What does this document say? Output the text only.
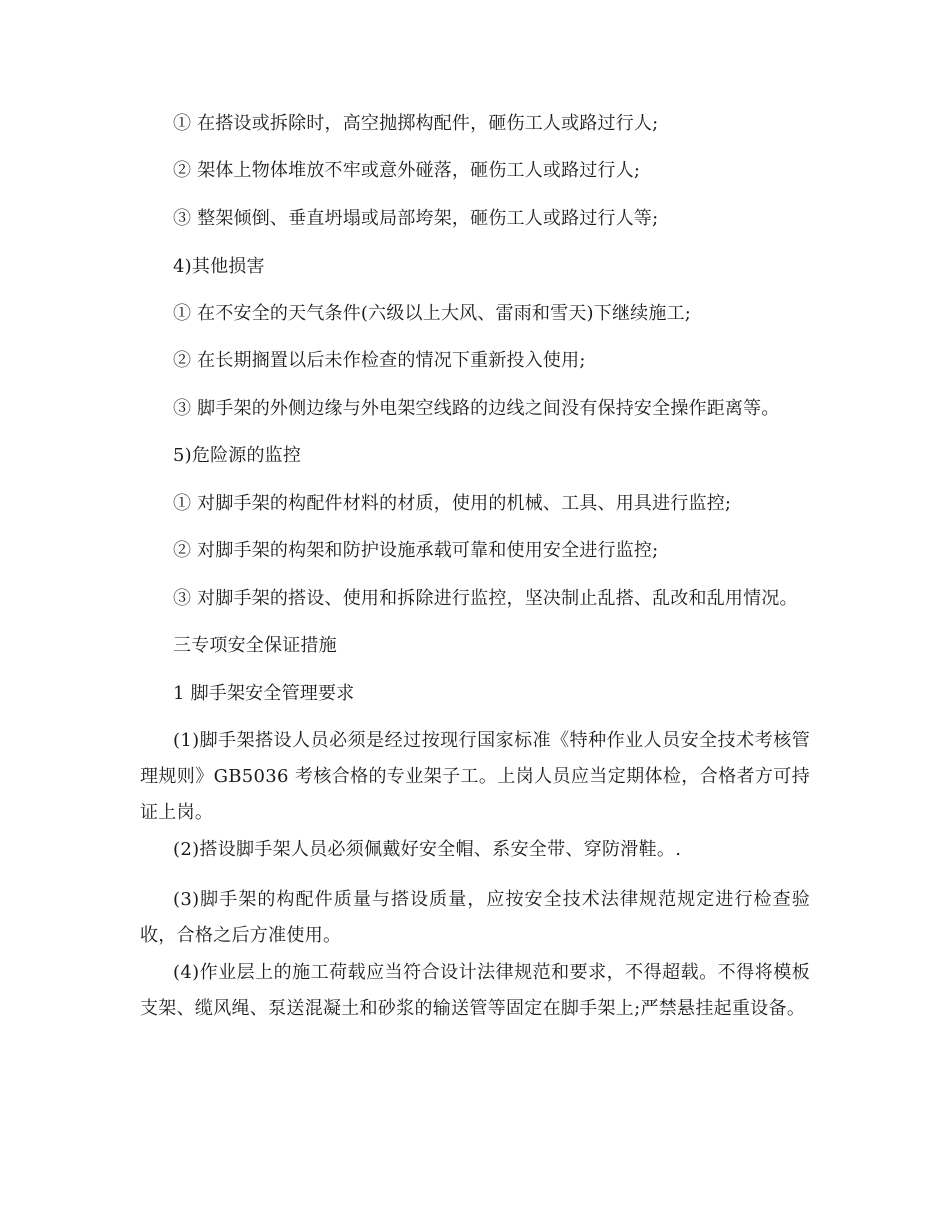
① 在搭设或拆除时，高空抛掷构配件，砸伤工人或路过行人;
② 架体上物体堆放不牢或意外碰落，砸伤工人或路过行人;
③ 整架倾倒、垂直坍塌或局部垮架，砸伤工人或路过行人等;
4)其他损害
① 在不安全的天气条件(六级以上大风、雷雨和雪天)下继续施工;
② 在长期搁置以后未作检查的情况下重新投入使用;
③ 脚手架的外侧边缘与外电架空线路的边线之间没有保持安全操作距离等。
5)危险源的监控
① 对脚手架的构配件材料的材质，使用的机械、工具、用具进行监控;
② 对脚手架的构架和防护设施承载可靠和使用安全进行监控;
③ 对脚手架的搭设、使用和拆除进行监控，坚决制止乱搭、乱改和乱用情况。
三专项安全保证措施
1 脚手架安全管理要求
(1)脚手架搭设人员必须是经过按现行国家标准《特种作业人员安全技术考核管理规则》GB5036 考核合格的专业架子工。上岗人员应当定期体检，合格者方可持证上岗。
(2)搭设脚手架人员必须佩戴好安全帽、系安全带、穿防滑鞋。.
(3)脚手架的构配件质量与搭设质量，应按安全技术法律规范规定进行检查验收，合格之后方准使用。
(4)作业层上的施工荷载应当符合设计法律规范和要求，不得超载。不得将模板支架、缆风绳、泵送混凝土和砂浆的输送管等固定在脚手架上;严禁悬挂起重设备。
